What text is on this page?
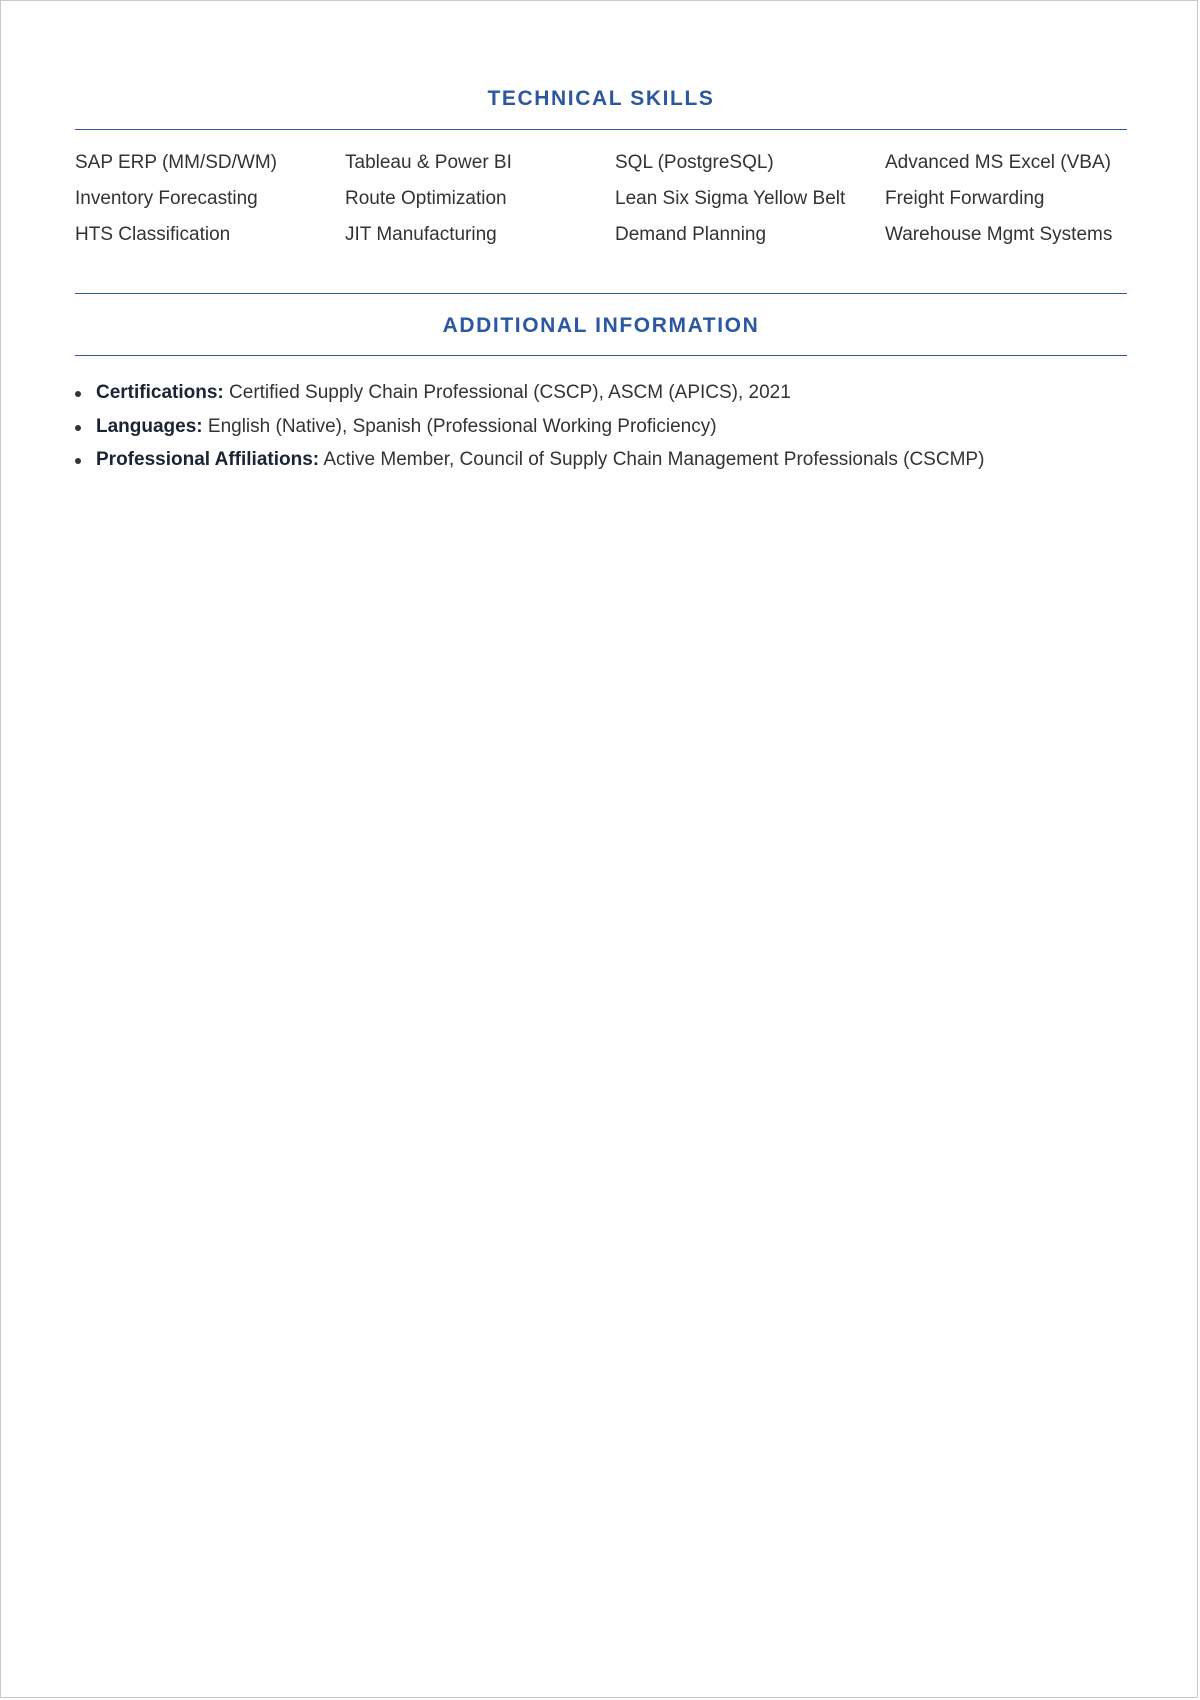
TECHNICAL SKILLS
SAP ERP (MM/SD/WM)	Tableau & Power BI	SQL (PostgreSQL)	Advanced MS Excel (VBA)
Inventory Forecasting	Route Optimization	Lean Six Sigma Yellow Belt	Freight Forwarding
HTS Classification	JIT Manufacturing	Demand Planning	Warehouse Mgmt Systems
ADDITIONAL INFORMATION
Certifications: Certified Supply Chain Professional (CSCP), ASCM (APICS), 2021
Languages: English (Native), Spanish (Professional Working Proficiency)
Professional Affiliations: Active Member, Council of Supply Chain Management Professionals (CSCMP)
